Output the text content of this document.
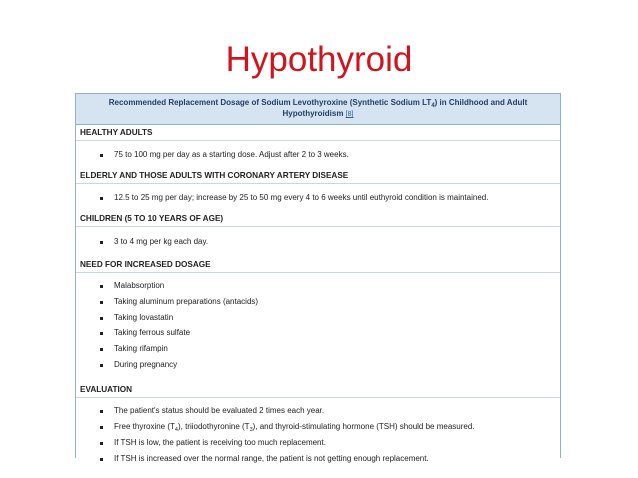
Hypothyroid
Recommended Replacement Dosage of Sodium Levothyroxine (Synthetic Sodium $LT_4$) in Childhood and Adult
Hypothyroidism [8]
HEALTHY ADULTS
75 to 100 mg per day as a starting dose. Adjust after 2 to 3 weeks.
ELDERLY AND THOSE ADULTS WITH CORONARY ARTERY DISEASE
12.5 to 25 mg per day; increase by 25 to 50 mg every 4 to 6 weeks until euthyroid condition is maintained.
CHILDREN (5 TO 10 YEARS OF AGE)
3 to 4 mg per kg each day.
NEED FOR INCREASED DOSAGE
Malabsorption
Taking aluminum preparations (antacids)
Taking lovastatin
Taking ferrous sulfate
Taking rifampin
During pregnancy
EVALUATION
The patient's status should be evaluated 2 times each year.
Free thyroxine $(T_4)$, triiodothyronine $(T_3)$, and thyroid-stimulating hormone (TSH) should be measured.
If TSH is low, the patient is receiving too much replacement.
If TSH is increased over the normal range, the patient is not getting enough replacement.
